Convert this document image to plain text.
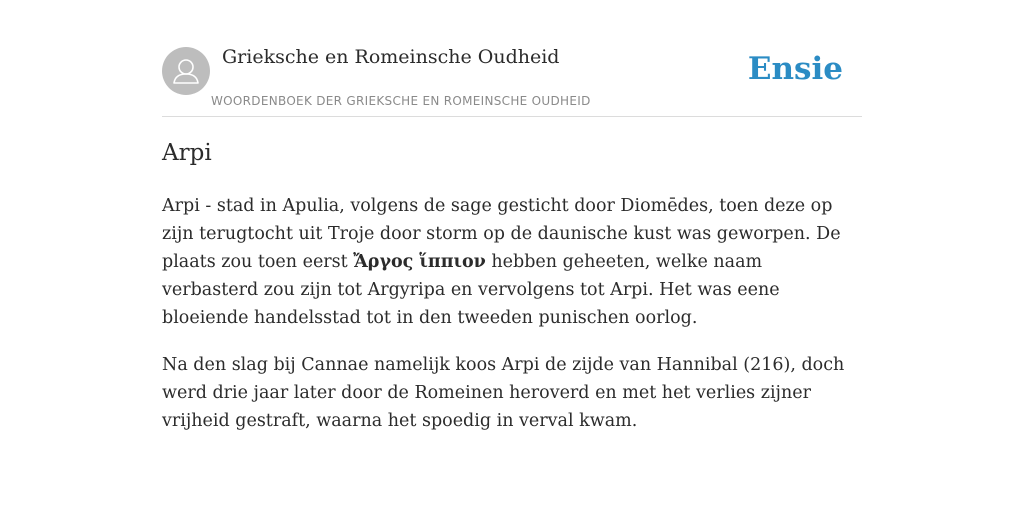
Grieksche en Romeinsche Oudheid
WOORDENBOEK DER GRIEKSCHE EN ROMEINSCHE OUDHEID
Ensie
Arpi

Arpi - stad in Apulia, volgens de sage gesticht door Diomēdes, toen deze op zijn terugtocht uit Troje door storm op de daunische kust was geworpen. De plaats zou toen eerst Ἄργος ἵππιον hebben geheeten, welke naam verbasterd zou zijn tot Argyripa en vervolgens tot Arpi. Het was eene bloeiende handelsstad tot in den tweeden punischen oorlog.

Na den slag bij Cannae namelijk koos Arpi de zijde van Hannibal (216), doch werd drie jaar later door de Romeinen heroverd en met het verlies zijner vrijheid gestraft, waarna het spoedig in verval kwam.
